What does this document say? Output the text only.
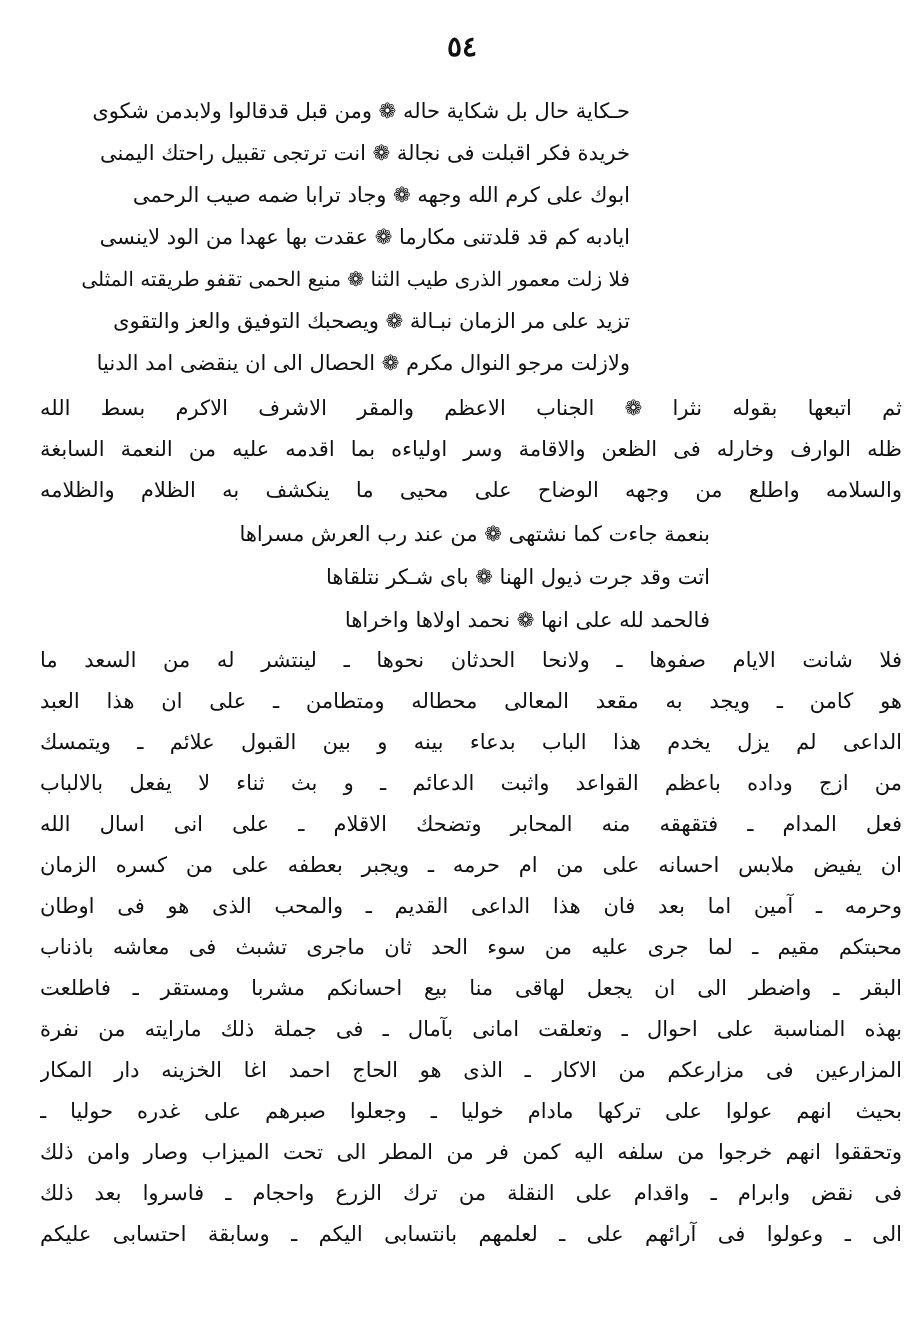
٥٤
حـكاية حال بل شكاية حاله ❁ ومن قبل قدقالوا ولابدمن شكوى
خريدة فكر اقبلت فى نجالة ❁ انت ترتجى تقبيل راحتك اليمنى
ابوك على كرم الله وجهه ❁ وجاد ترابا ضمه صيب الرحمى
ايادبه كم قد قلدتنى مكارما ❁ عقدت بها عهدا من الود لاينسى
فلا زلت معمور الذرى طيب الثنا ❁ منيع الحمى تقفو طريقته المثلى
تزيد على مر الزمان نبـالة ❁ ويصحبك التوفيق والعز والتقوى
ولازلت مرجو النوال مكرم ❁ الحصال الى ان ينقضى امد الدنيا
ثم اتبعها بقوله نثرا ❁ الجناب الاعظم والمقر الاشرف الاكرم بسط الله
ظله الوارف وخارله فى الظعن والاقامة وسر اولياءه بما اقدمه عليه من النعمة السابغة
والسلامه واطلع من وجهه الوضاح على محيى ما ينكشف به الظلام والظلامه
بنعمة جاءت كما نشتهى ❁ من عند رب العرش مسراها
اتت وقد جرت ذيول الهنا ❁ باى شـكر نتلقاها
فالحمد لله على انها ❁ نحمد اولاها واخراها
فلا شانت الايام صفوها ـ ولانحا الحدثان نحوها ـ لينتشر له من السعد ما
هو كامن ـ ويجد به مقعد المعالى محطاله ومتطامن ـ على ان هذا العبد
الداعى لم يزل يخدم هذا الباب بدعاء بينه و بين القبول علائم ـ ويتمسك
من ازج وداده باعظم القواعد واثبت الدعائم ـ و بث ثناء لا يفعل بالالباب
فعل المدام ـ فتقهقه منه المحابر وتضحك الاقلام ـ على انى اسال الله
ان يفيض ملابس احسانه على من ام حرمه ـ ويجبر بعطفه على من كسره الزمان
وحرمه ـ آمين اما بعد فان هذا الداعى القديم ـ والمحب الذى هو فى اوطان
محبتكم مقيم ـ لما جرى عليه من سوء الحد ثان ماجرى تشبث فى معاشه باذناب
البقر ـ واضطر الى ان يجعل لهاقى منا بيع احسانكم مشربا ومستقر ـ فاطلعت
بهذه المناسبة على احوال ـ وتعلقت امانى بآمال ـ فى جملة ذلك مارايته من نفرة
المزارعين فى مزارعكم من الاكار ـ الذى هو الحاج احمد اغا الخزينه دار المكار
بحيث انهم عولوا على تركها مادام خوليا ـ وجعلوا صبرهم على غدره حوليا ـ
وتحققوا انهم خرجوا من سلفه اليه كمن فر من المطر الى تحت الميزاب وصار وامن ذلك
فى نقض وابرام ـ واقدام على النقلة من ترك الزرع واحجام ـ فاسروا بعد ذلك
الى ـ وعولوا فى آرائهم على ـ لعلمهم بانتسابى اليكم ـ وسابقة احتسابى عليكم
